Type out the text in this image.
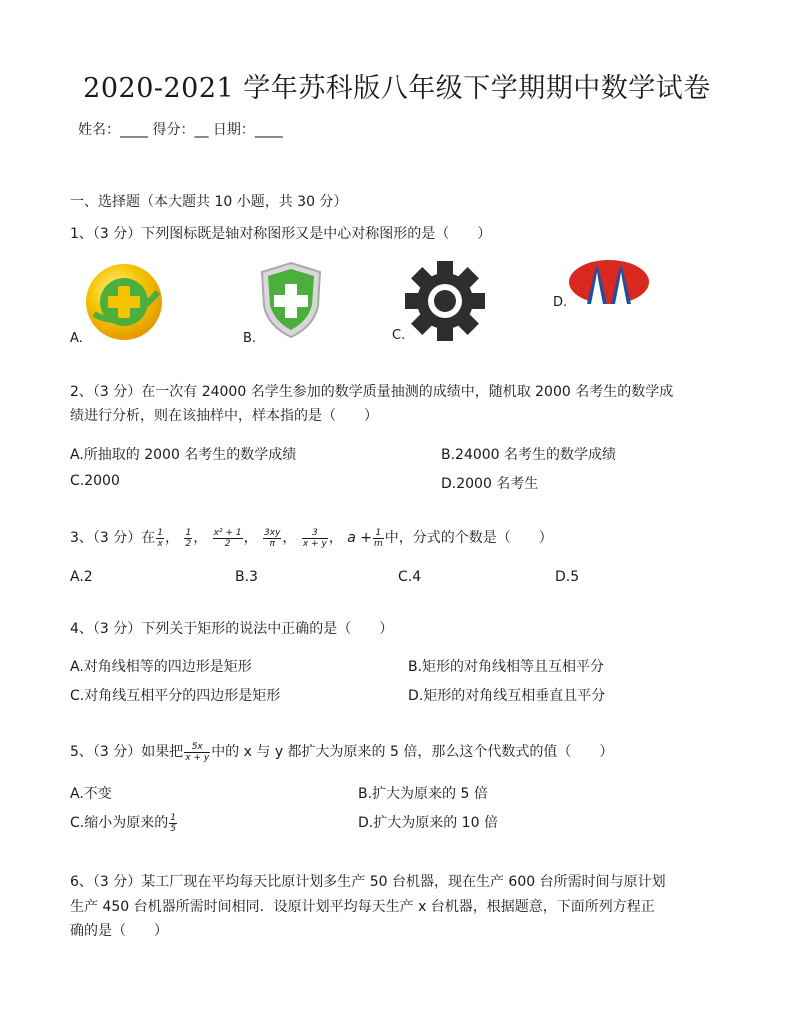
2020-2021 学年苏科版八年级下学期期中数学试卷
姓名：____ 得分：__ 日期：____
一、选择题（本大题共 10 小题，共 30 分）
1、（3 分）下列图标既是轴对称图形又是中心对称图形的是（　　）
A.	B.	C.
D.
2、（3 分）在一次有 24000 名学生参加的数学质量抽测的成绩中，随机取 2000 名考生的数学成
绩进行分析，则在该抽样中，样本指的是（　　）
A.所抽取的 2000 名考生的数学成绩	B.24000 名考生的数学成绩
C.2000	D.2000 名考生
3、（3 分）在 $\frac{1}{x}$ ， $\frac{1}{2}$ ， $\frac{\text{x² + 1}}{2}$ ， $\frac{3xy}{\pi}$ ， $\frac{3}{x + y}$ ， $a + \frac{1}{m}$ 中，分式的个数是（　　）
A.2	B.3	C.4	D.5
4、（3 分）下列关于矩形的说法中正确的是（　　）
A.对角线相等的四边形是矩形	B.矩形的对角线相等且互相平分
C.对角线互相平分的四边形是矩形	D.矩形的对角线互相垂直且平分
5、（3 分）如果把 $\frac{5x}{x + y}$ 中的 x 与 y 都扩大为原来的 5 倍，那么这个代数式的值（　　）
A.不变	B.扩大为原来的 5 倍
C.缩小为原来的 $\frac{1}{5}$	D.扩大为原来的 10 倍
6、（3 分）某工厂现在平均每天比原计划多生产 50 台机器，现在生产 600 台所需时间与原计划
生产 450 台机器所需时间相同．设原计划平均每天生产 x 台机器，根据题意，下面所列方程正
确的是（　　）
